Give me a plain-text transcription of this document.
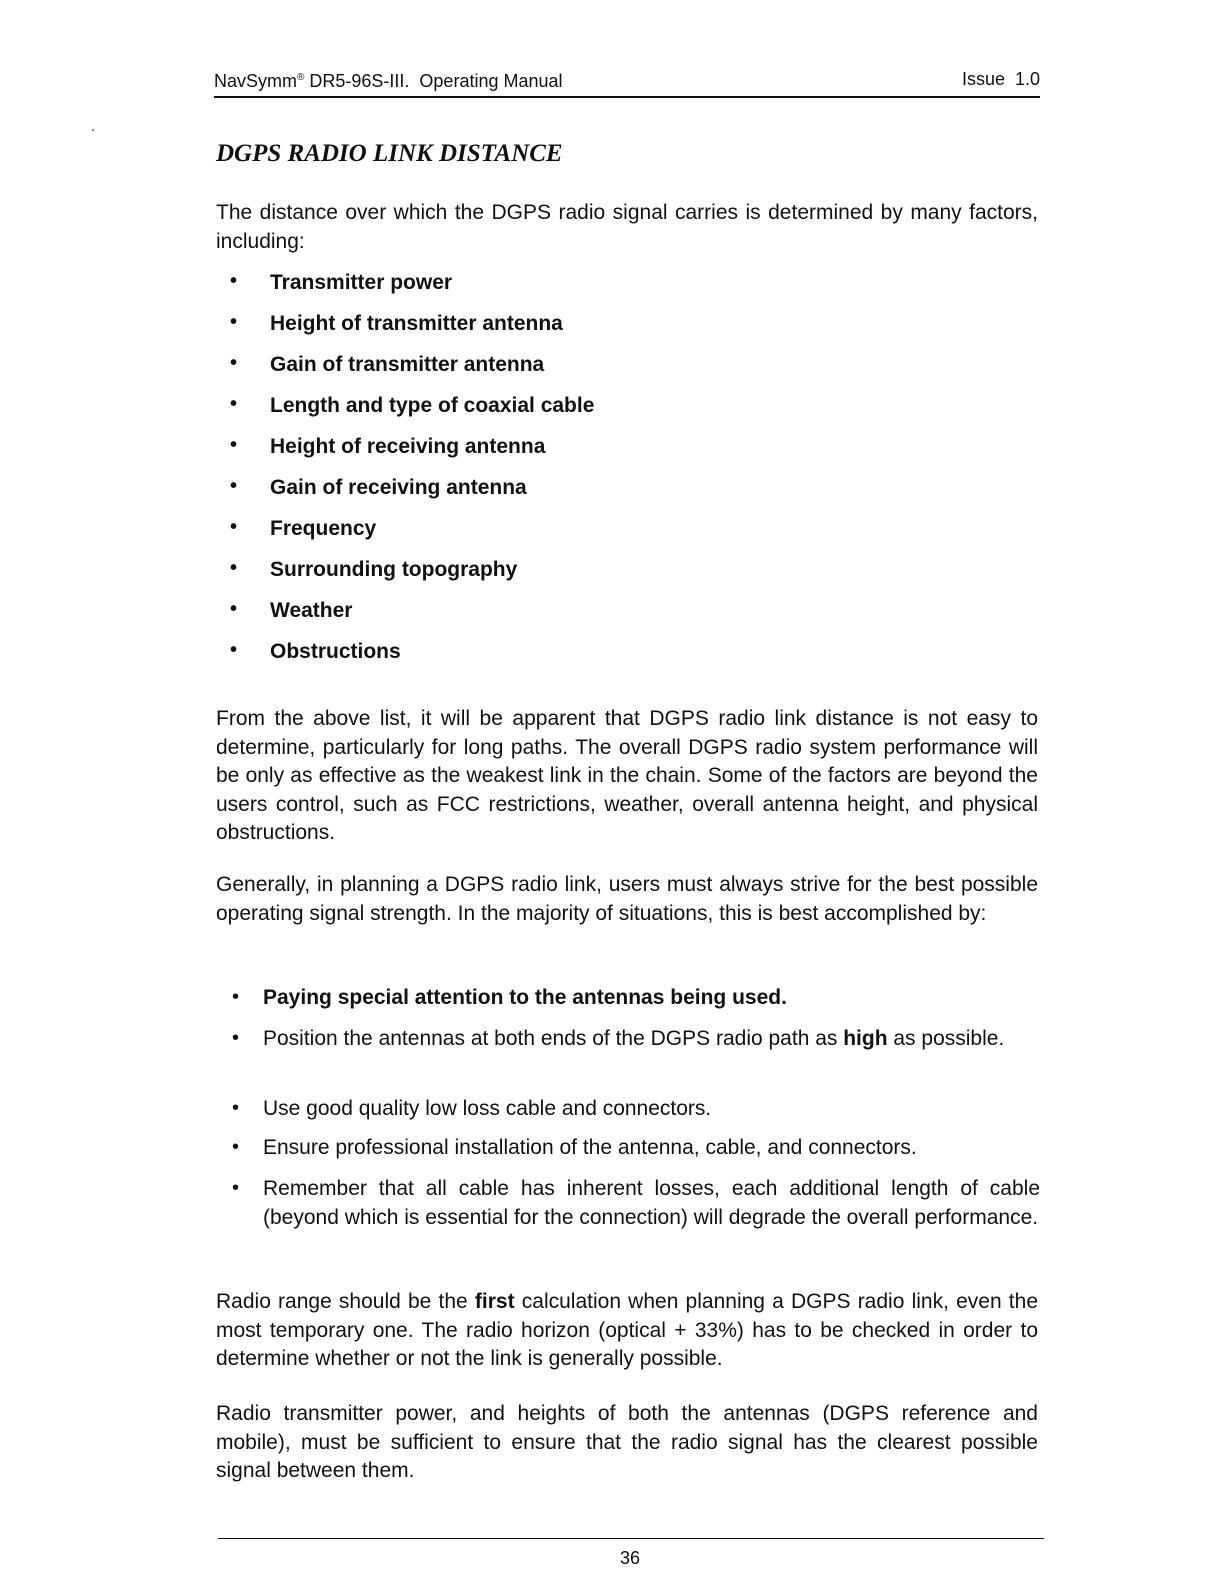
NavSymm® DR5-96S-III.  Operating Manual	Issue  1.0
DGPS RADIO LINK DISTANCE

The distance over which the DGPS radio signal carries is determined by many factors, including:

• Transmitter power
• Height of transmitter antenna
• Gain of transmitter antenna
• Length and type of coaxial cable
• Height of receiving antenna
• Gain of receiving antenna
• Frequency
• Surrounding topography
• Weather
• Obstructions

From the above list, it will be apparent that DGPS radio link distance is not easy to determine, particularly for long paths. The overall DGPS radio system performance will be only as effective as the weakest link in the chain. Some of the factors are beyond the users control, such as FCC restrictions, weather, overall antenna height, and physical obstructions.

Generally, in planning a DGPS radio link, users must always strive for the best possible operating signal strength. In the majority of situations, this is best accomplished by:

• Paying special attention to the antennas being used.
• Position the antennas at both ends of the DGPS radio path as high as possible.
• Use good quality low loss cable and connectors.
• Ensure professional installation of the antenna, cable, and connectors.
• Remember that all cable has inherent losses, each additional length of cable (beyond which is essential for the connection) will degrade the overall performance.

Radio range should be the first calculation when planning a DGPS radio link, even the most temporary one. The radio horizon (optical + 33%) has to be checked in order to determine whether or not the link is generally possible.

Radio transmitter power, and heights of both the antennas (DGPS reference and mobile), must be sufficient to ensure that the radio signal has the clearest possible signal between them.

36
